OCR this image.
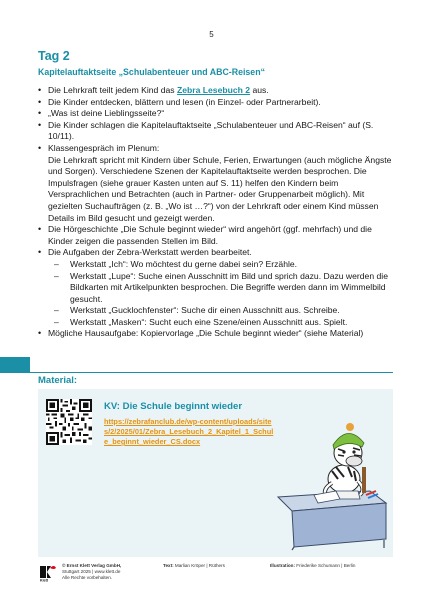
5
Tag 2
Kapitelauftaktseite „Schulabenteuer und ABC-Reisen“
• Die Lehrkraft teilt jedem Kind das Zebra Lesebuch 2 aus.
• Die Kinder entdecken, blättern und lesen (in Einzel- oder Partnerarbeit).
• „Was ist deine Lieblingsseite?“
• Die Kinder schlagen die Kapitelauftaktseite „Schulabenteuer und ABC-Reisen“ auf (S. 10/11).
• Klassengespräch im Plenum:
Die Lehrkraft spricht mit Kindern über Schule, Ferien, Erwartungen (auch mögliche Ängste und Sorgen). Verschiedene Szenen der Kapitelauftaktseite werden besprochen. Die Impulsfragen (siehe grauer Kasten unten auf S. 11) helfen den Kindern beim Versprachlichen und Betrachten (auch in Partner- oder Gruppenarbeit möglich). Mit gezielten Suchaufträgen (z. B. „Wo ist …?“) von der Lehrkraft oder einem Kind müssen Details im Bild gesucht und gezeigt werden.
• Die Hörgeschichte „Die Schule beginnt wieder“ wird angehört (ggf. mehrfach) und die Kinder zeigen die passenden Stellen im Bild.
• Die Aufgaben der Zebra-Werkstatt werden bearbeitet.
– Werkstatt „Ich“: Wo möchtest du gerne dabei sein? Erzähle.
– Werkstatt „Lupe“: Suche einen Ausschnitt im Bild und sprich dazu. Dazu werden die Bildkarten mit Artikelpunkten besprochen. Die Begriffe werden dann im Wimmelbild gesucht.
– Werkstatt „Gucklochfenster“: Suche dir einen Ausschnitt aus. Schreibe.
– Werkstatt „Masken“: Sucht euch eine Szene/einen Ausschnitt aus. Spielt.
• Mögliche Hausaufgabe: Kopiervorlage „Die Schule beginnt wieder“ (siehe Material)
Material:
KV: Die Schule beginnt wieder
https://zebrafanclub.de/wp-content/uploads/sites/2/2025/01/Zebra_Lesebuch_2_Kapitel_1_Schule_beginnt_wieder_CS.docx
Klett
© Ernst Klett Verlag GmbH,
Stuttgart 2025 | www.klett.de
Alle Rechte vorbehalten.
Text: Marlian Kröper | Rüthers	Illustration: Friederike Schumann | Berlin
